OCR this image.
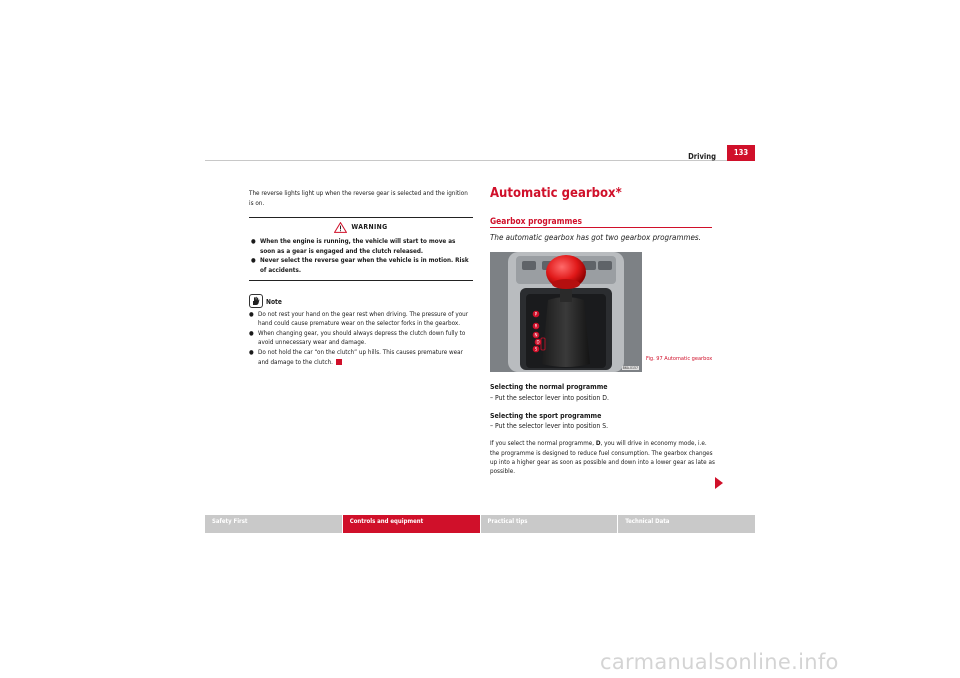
Driving	133

The reverse lights light up when the reverse gear is selected and the ignition is on.

WARNING
● When the engine is running, the vehicle will start to move as soon as a gear is engaged and the clutch released.
● Never select the reverse gear when the vehicle is in motion. Risk of accidents.
Note
● Do not rest your hand on the gear rest when driving. The pressure of your hand could cause premature wear on the selector forks in the gearbox.
● When changing gear, you should always depress the clutch down fully to avoid unnecessary wear and damage.
● Do not hold the car “on the clutch” up hills. This causes premature wear and damage to the clutch.
Automatic gearbox*
Gearbox programmes
The automatic gearbox has got two gearbox programmes.
P
R
N
D
S
B6A-0157
Fig. 97 Automatic gearbox
Selecting the normal programme
– Put the selector lever into position D.
Selecting the sport programme
– Put the selector lever into position S.

If you select the normal programme, D, you will drive in economy mode, i.e. the programme is designed to reduce fuel consumption. The gearbox changes up into a higher gear as soon as possible and down into a lower gear as late as possible.

Safety First	Controls and equipment	Practical tips	Technical Data
carmanualsonline.info
